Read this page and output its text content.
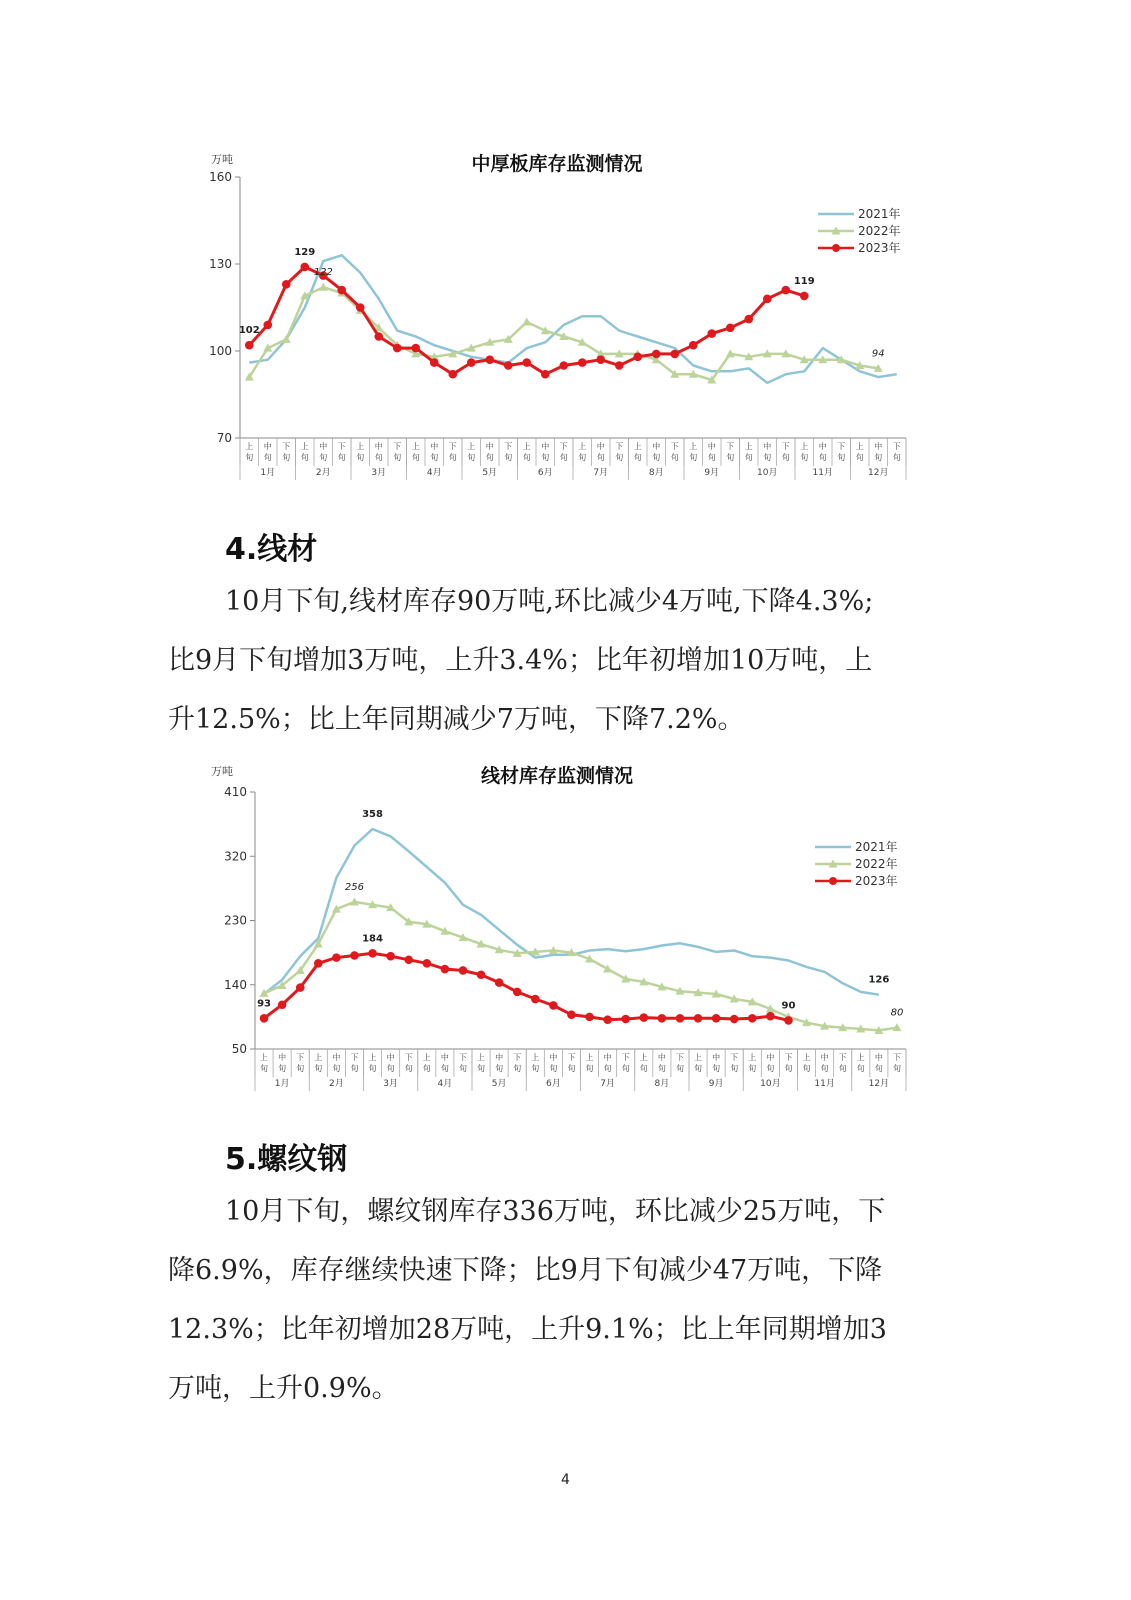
中厚板库存监测情况
万吨
70
100
130
160
上
旬
中
旬
下
旬
上
旬
中
旬
下
旬
上
旬
中
旬
下
旬
上
旬
中
旬
下
旬
上
旬
中
旬
下
旬
上
旬
中
旬
下
旬
上
旬
中
旬
下
旬
上
旬
中
旬
下
旬
上
旬
中
旬
下
旬
上
旬
中
旬
下
旬
上
旬
中
旬
下
旬
上
旬
中
旬
下
旬
1月	2月	3月	4月	5月	6月	7月	8月	9月	10月	11月	12月
102
129
122
119
94
2021年
2022年
2023年
4.线材
10月下旬,线材库存90万吨,环比减少4万吨,下降4.3%;
比9月下旬增加3万吨，上升3.4%；比年初增加10万吨，上
升12.5%；比上年同期减少7万吨，下降7.2%。
线材库存监测情况
万吨
50
140
230
320
410
上
旬
中
旬
下
旬
上
旬
中
旬
下
旬
上
旬
中
旬
下
旬
上
旬
中
旬
下
旬
上
旬
中
旬
下
旬
上
旬
中
旬
下
旬
上
旬
中
旬
下
旬
上
旬
中
旬
下
旬
上
旬
中
旬
下
旬
上
旬
中
旬
下
旬
上
旬
中
旬
下
旬
上
旬
中
旬
下
旬
1月	2月	3月	4月	5月	6月	7月	8月	9月	10月	11月	12月
93
358
256
184
90
126
80
2021年
2022年
2023年
5.螺纹钢
10月下旬，螺纹钢库存336万吨，环比减少25万吨，下
降6.9%，库存继续快速下降；比9月下旬减少47万吨，下降
12.3%；比年初增加28万吨，上升9.1%；比上年同期增加3
万吨，上升0.9%。
4
